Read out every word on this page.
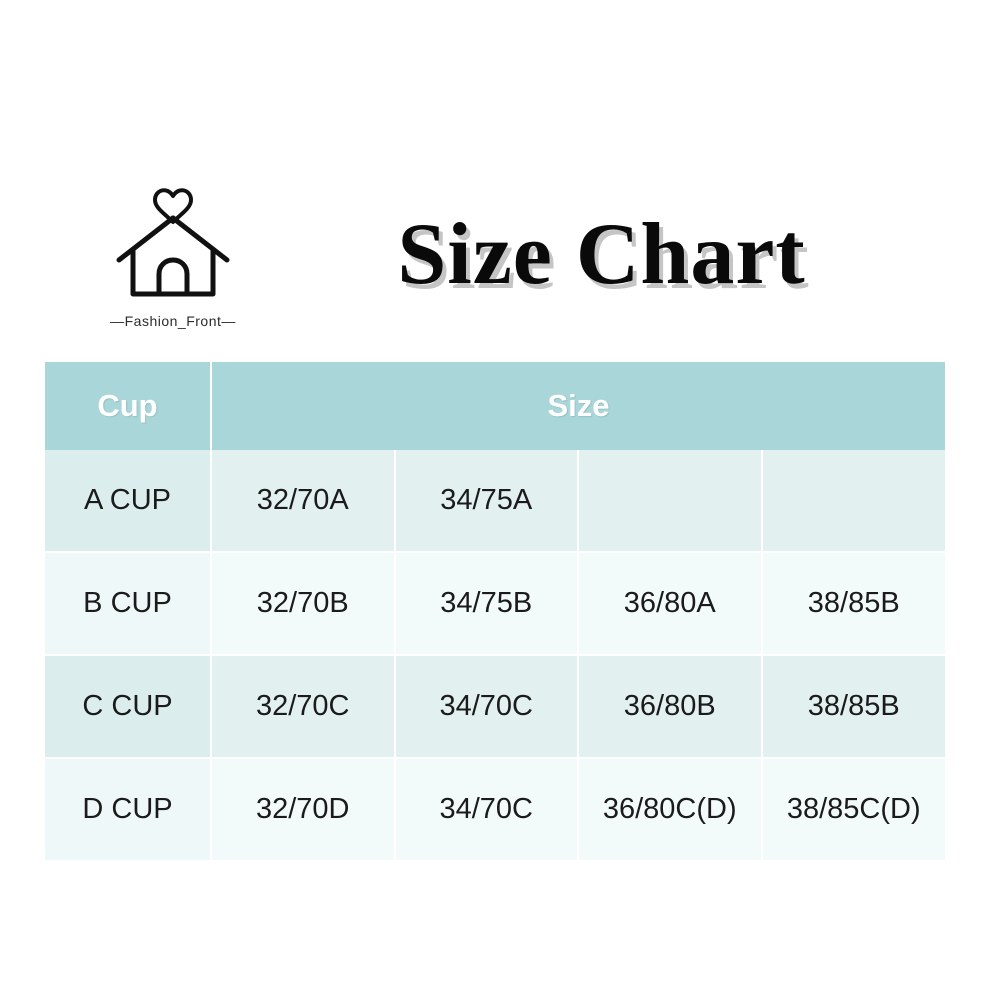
—Fashion_Front—
Size Chart
Cup	Size			
A CUP	32/70A	34/75A		
B CUP	32/70B	34/75B	36/80A	38/85B
C CUP	32/70C	34/70C	36/80B	38/85B
D CUP	32/70D	34/70C	36/80C(D)	38/85C(D)
